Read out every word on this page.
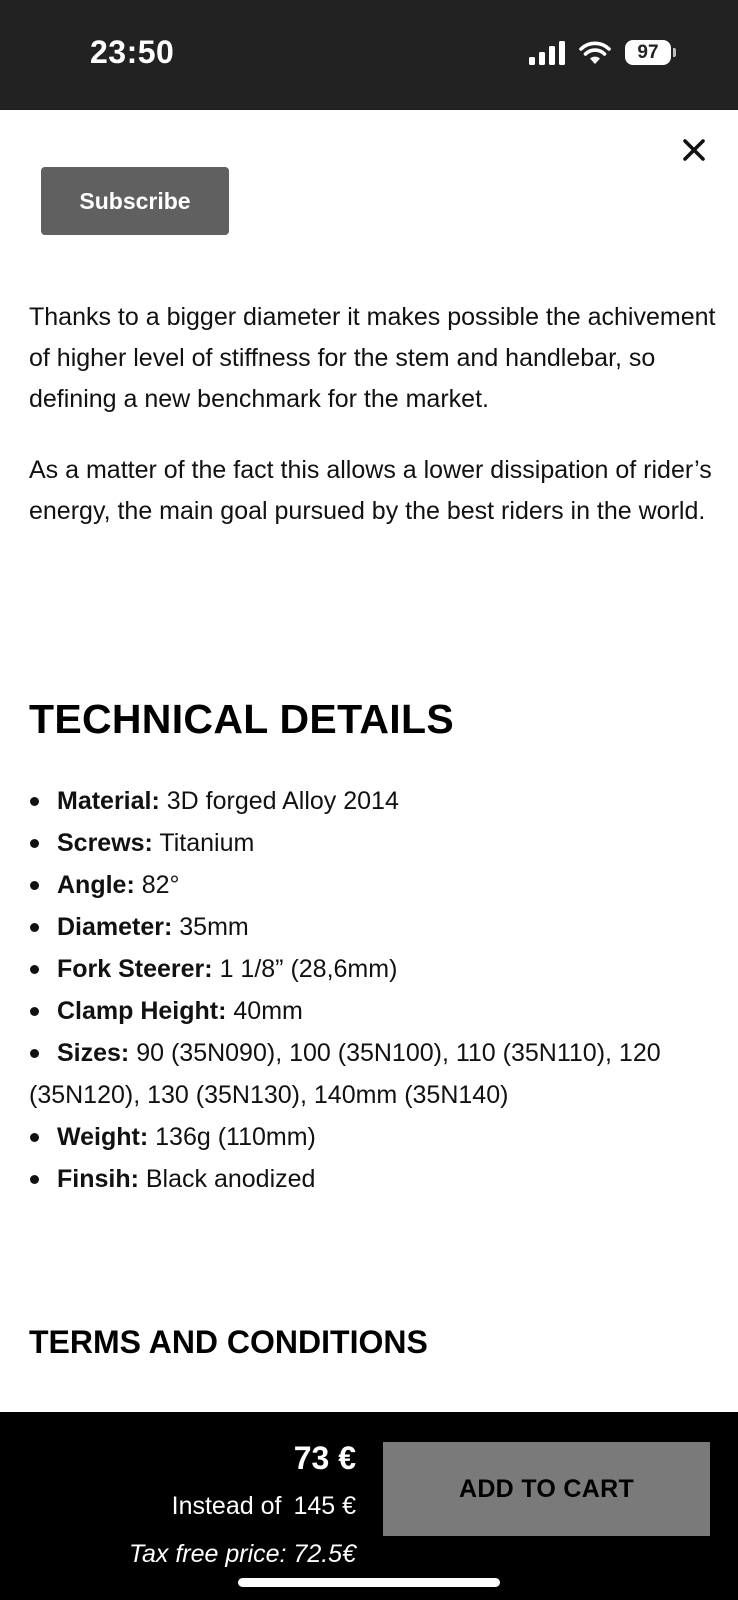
23:50	97
Subscribe

Thanks to a bigger diameter it makes possible the achivement of higher level of stiffness for the stem and handlebar, so defining a new benchmark for the market.

As a matter of the fact this allows a lower dissipation of rider’s energy, the main goal pursued by the best riders in the world.

TECHNICAL DETAILS
Material: 3D forged Alloy 2014
Screws: Titanium
Angle: 82°
Diameter: 35mm
Fork Steerer: 1 1/8” (28,6mm)
Clamp Height: 40mm
Sizes: 90 (35N090), 100 (35N100), 110 (35N110), 120 (35N120), 130 (35N130), 140mm (35N140)
Weight: 136g (110mm)
Finsih: Black anodized
TERMS AND CONDITIONS
73 €
Instead of 145 €
Tax free price: 72.5€
ADD TO CART
